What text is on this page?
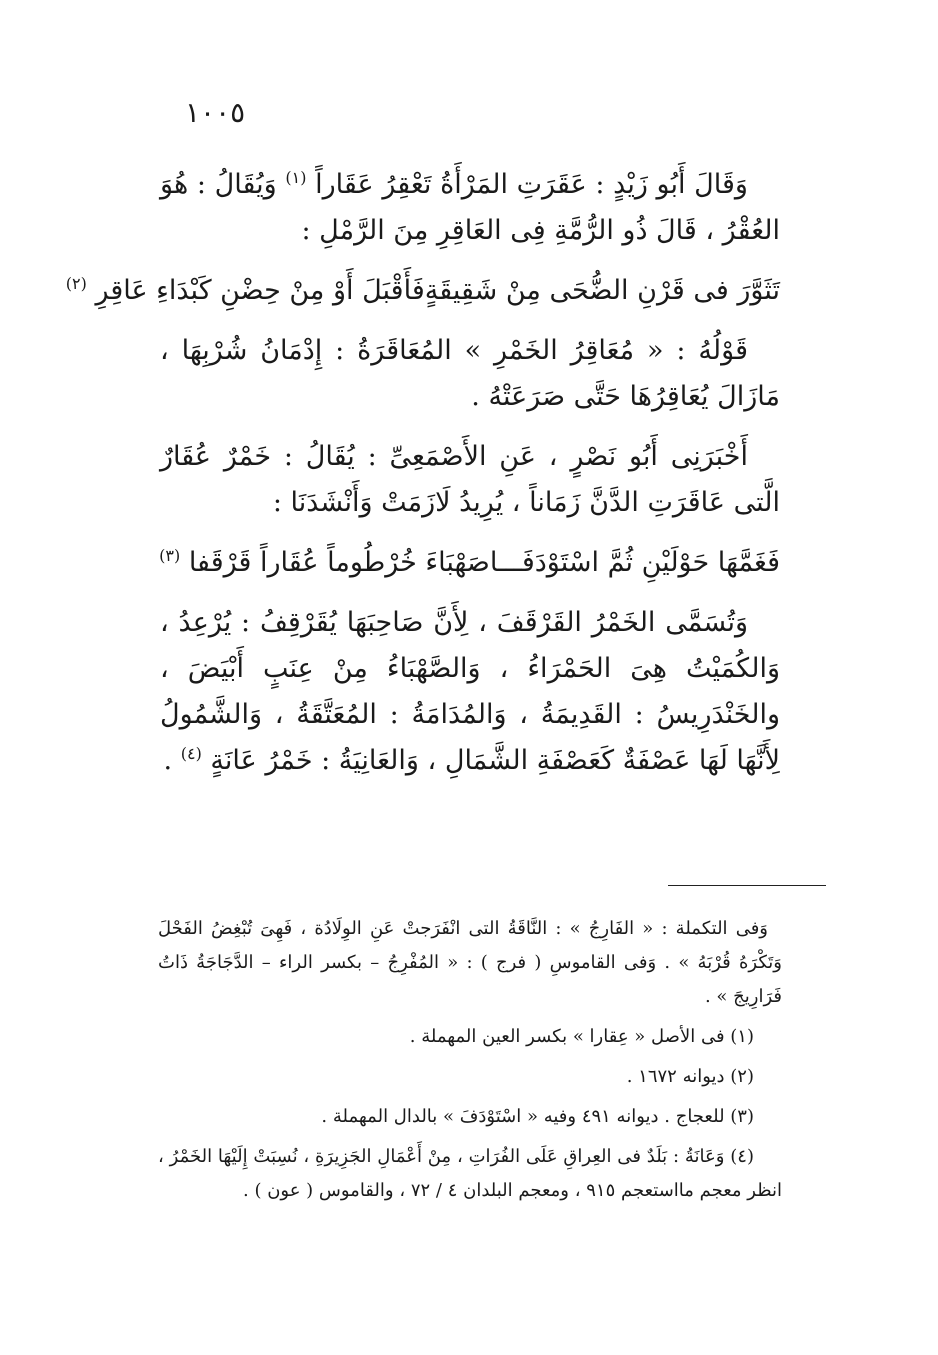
١٠٠٥

وَقَالَ أَبُو زَيْدٍ : عَقَرَتِ المَرْأَةُ تَعْقِرُ عَقَاراً $^{(١)}$ وَيُقَالُ : هُوَ العُقْرُ ، قَالَ ذُو الرُّمَّةِ فِى العَاقِرِ مِنَ الرَّمْلِ :

تَثَوَّرَ فى قَرْنِ الضُّحَى مِنْ شَقِيقَةٍ
فَأَقْبَلَ أَوْ مِنْ حِضْنِ كَبْدَاءِ عَاقِرِ $^{(٢)}$

قَوْلُهُ : « مُعَاقِرُ الخَمْرِ » المُعَاقَرَةُ : إِدْمَانُ شُرْبِهَا ، مَازَالَ يُعَاقِرُهَا حَتَّى صَرَعَتْهُ .

أَخْبَرَنِى أَبُو نَصْرٍ ، عَنِ الأَصْمَعِىِّ : يُقَالُ : خَمْرٌ عُقَارٌ الَّتى عَاقَرَتِ الدَّنَّ زَمَاناً ، يُرِيدُ لَازَمَتْ وَأَنْشَدَنَا :

فَغَمَّهَا حَوْلَيْنِ ثُمَّ اسْتَوْدَفَـــا
صَهْبَاءَ خُرْطُوماً عُقَاراً قَرْقَفا $^{(٣)}$

وَتُسَمَّى الخَمْرُ القَرْقَفَ ، لِأَنَّ صَاحِبَهَا يُقَرْقِفُ : يُرْعِدُ ، وَالكُمَيْتُ هِىَ الحَمْرَاءُ ، وَالصَّهْبَاءُ مِنْ عِنَبٍ أَبْيَضَ ، والخَنْدَرِيسُ : القَدِيمَةُ ، وَالمُدَامَةُ : المُعَتَّقَةُ ، وَالشَّمُولُ لِأَنَّهَا لَهَا عَصْفَةٌ كَعَصْفَةِ الشَّمَالِ ، وَالعَانِيَةُ : خَمْرُ عَانَةٍ $^{(٤)}$ .

وَفى التكملة : « الفَارِجُ » : النَّاقَةُ التى انْفَرَجتْ عَنِ الوِلَادُة ، فَهِىَ تُبْغِضُ الفَحْلَ وَتَكْرَهُ قُرْبَهُ » . وَفى القاموسِ ( فرج ) : « المُفْرِجُ – بكسر الراء – الدَّجَاجَةُ ذَاتُ فَرَارِيجَ » .

(١) فى الأصل « عِقارا » بكسر العين المهملة .

(٢) ديوانه ١٦٧٢ .

(٣) للعجاج . ديوانه ٤٩١ وفيه « اسْتَوْدَفَ » بالدال المهملة .

(٤) وَعَانَةُ : بَلَدٌ فى العِراقِ عَلَى الفُرَاتِ ، مِنْ أَعْمَالِ الجَزِيرَةِ ، نُسِبَتْ إِلَيْهَا الخَمْرُ ، انظر معجم مااستعجم ٩١٥ ، ومعجم البلدان ٤ / ٧٢ ، والقاموس ( عون ) .
